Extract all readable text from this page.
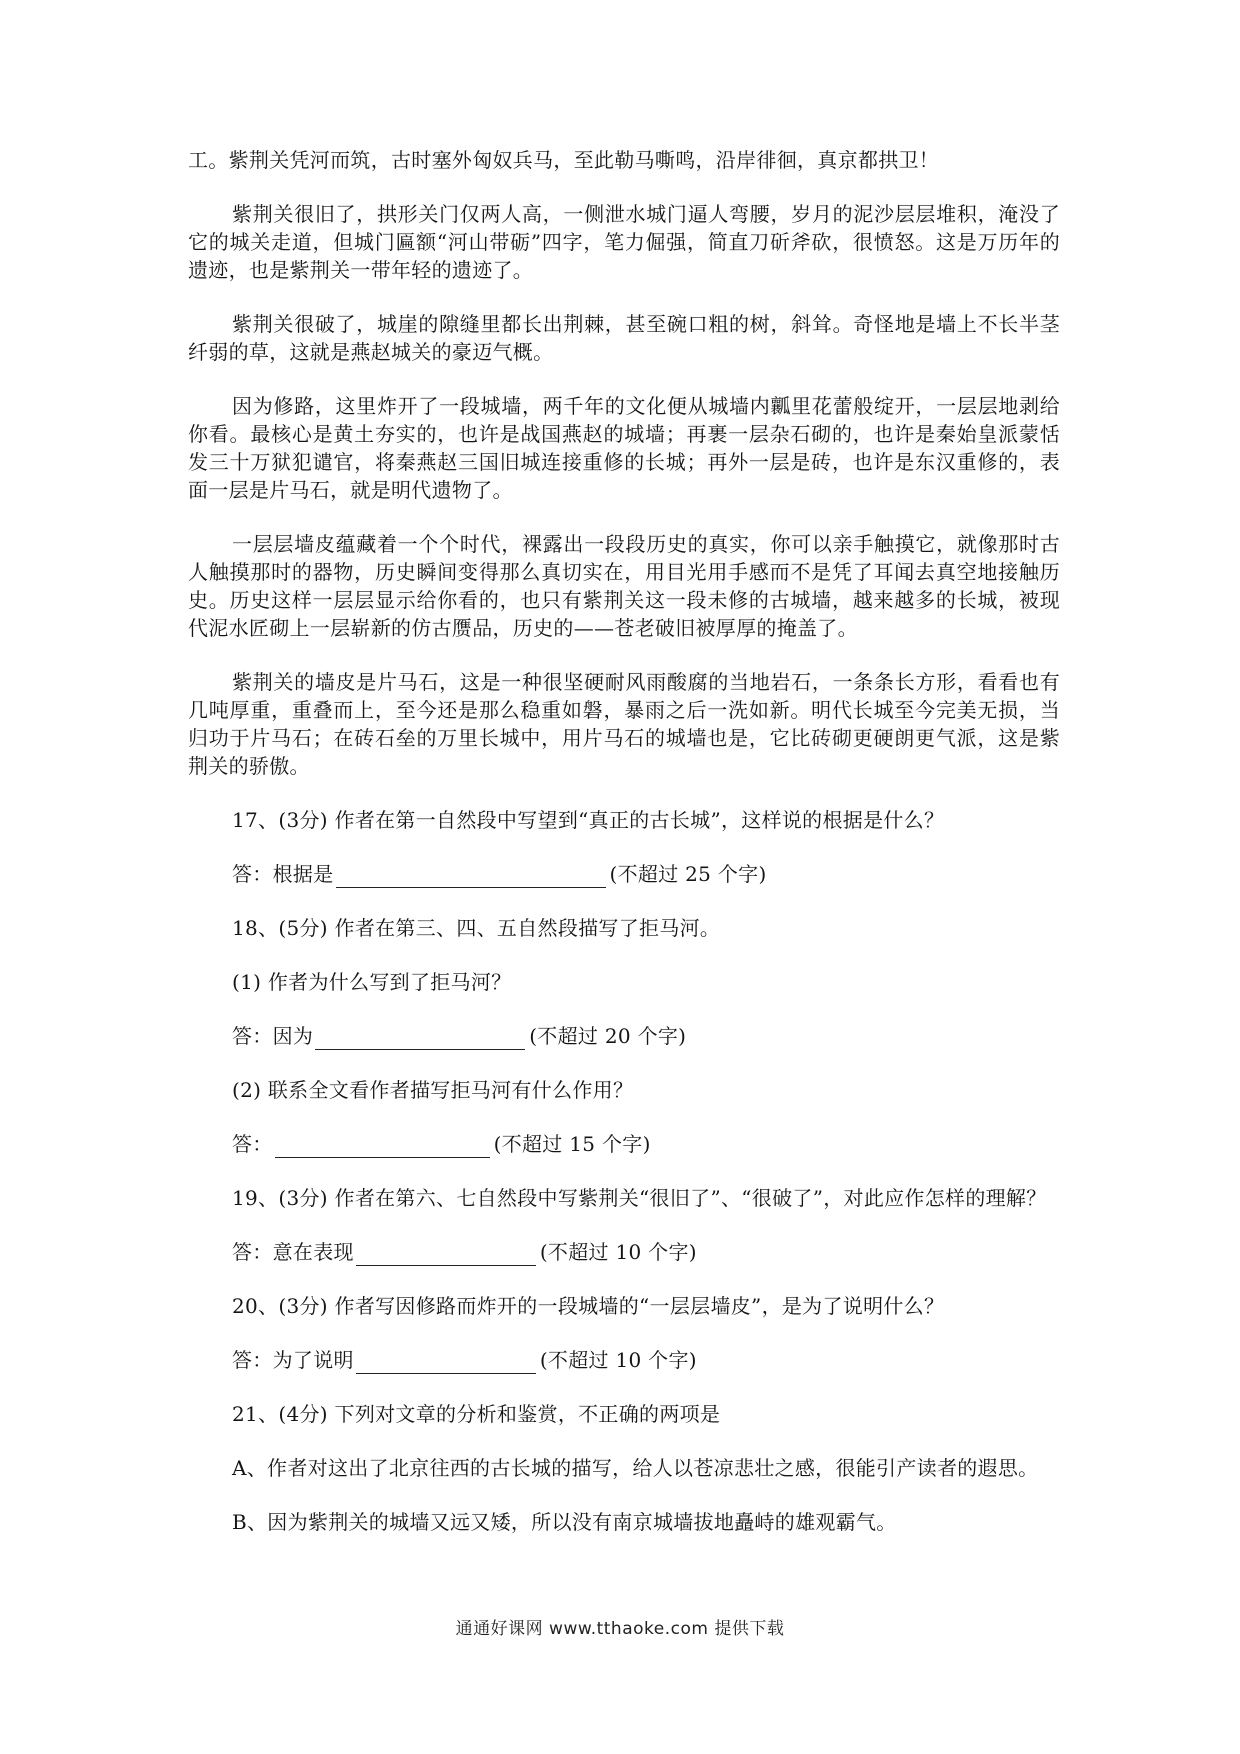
工。紫荆关凭河而筑，古时塞外匈奴兵马，至此勒马嘶鸣，沿岸徘徊，真京都拱卫！

紫荆关很旧了，拱形关门仅两人高，一侧泄水城门逼人弯腰，岁月的泥沙层层堆积，淹没了它的城关走道，但城门匾额“河山带砺”四字，笔力倔强，简直刀斫斧砍，很愤怒。这是万历年的遗迹，也是紫荆关一带年轻的遗迹了。

紫荆关很破了，城崖的隙缝里都长出荆棘，甚至碗口粗的树，斜耸。奇怪地是墙上不长半茎纤弱的草，这就是燕赵城关的豪迈气概。

因为修路，这里炸开了一段城墙，两千年的文化便从城墙内瓤里花蕾般绽开，一层层地剥给你看。最核心是黄土夯实的，也许是战国燕赵的城墙；再裹一层杂石砌的，也许是秦始皇派蒙恬发三十万狱犯谴官，将秦燕赵三国旧城连接重修的长城；再外一层是砖，也许是东汉重修的，表面一层是片马石，就是明代遗物了。

一层层墙皮蕴藏着一个个时代，裸露出一段段历史的真实，你可以亲手触摸它，就像那时古人触摸那时的器物，历史瞬间变得那么真切实在，用目光用手感而不是凭了耳闻去真空地接触历史。历史这样一层层显示给你看的，也只有紫荆关这一段未修的古城墙，越来越多的长城，被现代泥水匠砌上一层崭新的仿古赝品，历史的——苍老破旧被厚厚的掩盖了。

紫荆关的墙皮是片马石，这是一种很坚硬耐风雨酸腐的当地岩石，一条条长方形，看看也有几吨厚重，重叠而上，至今还是那么稳重如磐，暴雨之后一洗如新。明代长城至今完美无损，当归功于片马石；在砖石垒的万里长城中，用片马石的城墙也是，它比砖砌更硬朗更气派，这是紫荆关的骄傲。

17、(3分) 作者在第一自然段中写望到“真正的古长城”，这样说的根据是什么？

答：根据是	(不超过 25 个字)

18、(5分) 作者在第三、四、五自然段描写了拒马河。

(1) 作者为什么写到了拒马河？

答：因为	(不超过 20 个字)

(2) 联系全文看作者描写拒马河有什么作用？

答：	(不超过 15 个字)

19、(3分) 作者在第六、七自然段中写紫荆关“很旧了”、“很破了”，对此应作怎样的理解？

答：意在表现	(不超过 10 个字)

20、(3分) 作者写因修路而炸开的一段城墙的“一层层墙皮”，是为了说明什么？

答：为了说明	(不超过 10 个字)

21、(4分) 下列对文章的分析和鉴赏，不正确的两项是

A、作者对这出了北京往西的古长城的描写，给人以苍凉悲壮之感，很能引产读者的遐思。

B、因为紫荆关的城墙又远又矮，所以没有南京城墙拔地矗峙的雄观霸气。

通通好课网 www.tthaoke.com 提供下载
